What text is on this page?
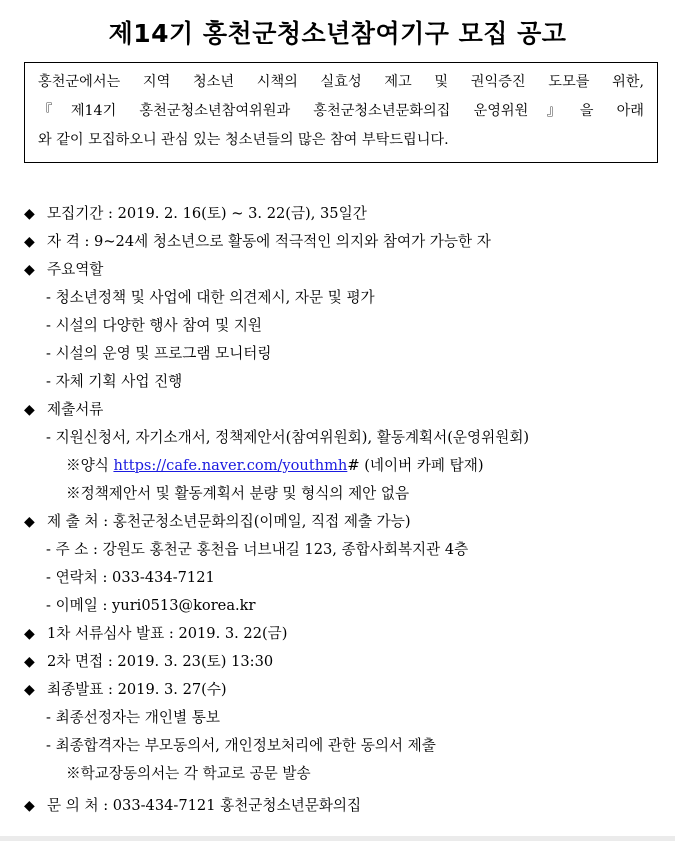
제14기 홍천군청소년참여기구 모집 공고
홍천군에서는 지역 청소년 시책의 실효성 제고 및 권익증진 도모를 위한,
『제14기 홍천군청소년참여위원과 홍천군청소년문화의집 운영위원』을 아래
와 같이 모집하오니 관심 있는 청소년들의 많은 참여 부탁드립니다.
◆ 모집기간 : 2019. 2. 16(토) ~ 3. 22(금), 35일간
◆ 자 격 : 9~24세 청소년으로 활동에 적극적인 의지와 참여가 가능한 자
◆ 주요역할
- 청소년정책 및 사업에 대한 의견제시, 자문 및 평가
- 시설의 다양한 행사 참여 및 지원
- 시설의 운영 및 프로그램 모니터링
- 자체 기획 사업 진행
◆ 제출서류
- 지원신청서, 자기소개서, 정책제안서(참여위원회), 활동계획서(운영위원회)
※양식 https://cafe.naver.com/youthmh# (네이버 카페 탑재)
※정책제안서 및 활동계획서 분량 및 형식의 제안 없음
◆ 제 출 처 : 홍천군청소년문화의집(이메일, 직접 제출 가능)
- 주 소 : 강원도 홍천군 홍천읍 너브내길 123, 종합사회복지관 4층
- 연락처 : 033-434-7121
- 이메일 : yuri0513@korea.kr
◆ 1차 서류심사 발표 : 2019. 3. 22(금)
◆ 2차 면접 : 2019. 3. 23(토) 13:30
◆ 최종발표 : 2019. 3. 27(수)
- 최종선정자는 개인별 통보
- 최종합격자는 부모동의서, 개인정보처리에 관한 동의서 제출
※학교장동의서는 각 학교로 공문 발송
◆ 문 의 처 : 033-434-7121 홍천군청소년문화의집
